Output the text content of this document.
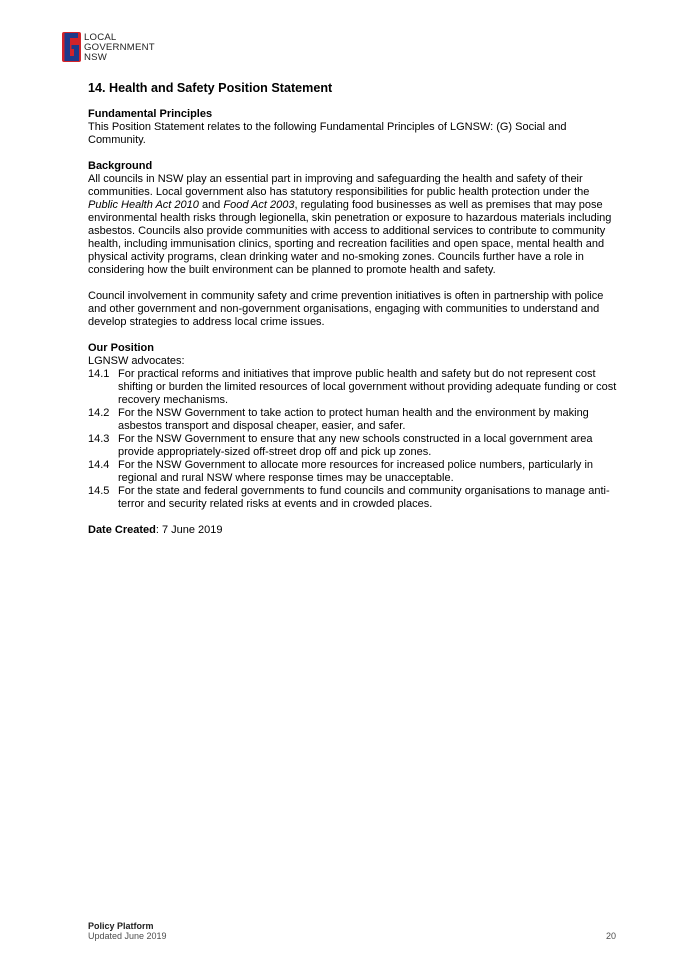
LOCAL
GOVERNMENT
NSW
14. Health and Safety Position Statement
Fundamental Principles

This Position Statement relates to the following Fundamental Principles of LGNSW: (G) Social and Community.

Background

All councils in NSW play an essential part in improving and safeguarding the health and safety of their communities. Local government also has statutory responsibilities for public health protection under the Public Health Act 2010 and Food Act 2003, regulating food businesses as well as premises that may pose environmental health risks through legionella, skin penetration or exposure to hazardous materials including asbestos. Councils also provide communities with access to additional services to contribute to community health, including immunisation clinics, sporting and recreation facilities and open space, mental health and physical activity programs, clean drinking water and no-smoking zones. Councils further have a role in considering how the built environment can be planned to promote health and safety.

Council involvement in community safety and crime prevention initiatives is often in partnership with police and other government and non-government organisations, engaging with communities to understand and develop strategies to address local crime issues.

Our Position

LGNSW advocates:

14.1 For practical reforms and initiatives that improve public health and safety but do not represent cost shifting or burden the limited resources of local government without providing adequate funding or cost recovery mechanisms.
14.2 For the NSW Government to take action to protect human health and the environment by making asbestos transport and disposal cheaper, easier, and safer.
14.3 For the NSW Government to ensure that any new schools constructed in a local government area provide appropriately-sized off-street drop off and pick up zones.
14.4 For the NSW Government to allocate more resources for increased police numbers, particularly in regional and rural NSW where response times may be unacceptable.
14.5 For the state and federal governments to fund councils and community organisations to manage anti-terror and security related risks at events and in crowded places.

Date Created: 7 June 2019

Policy Platform
Updated June 2019	20
